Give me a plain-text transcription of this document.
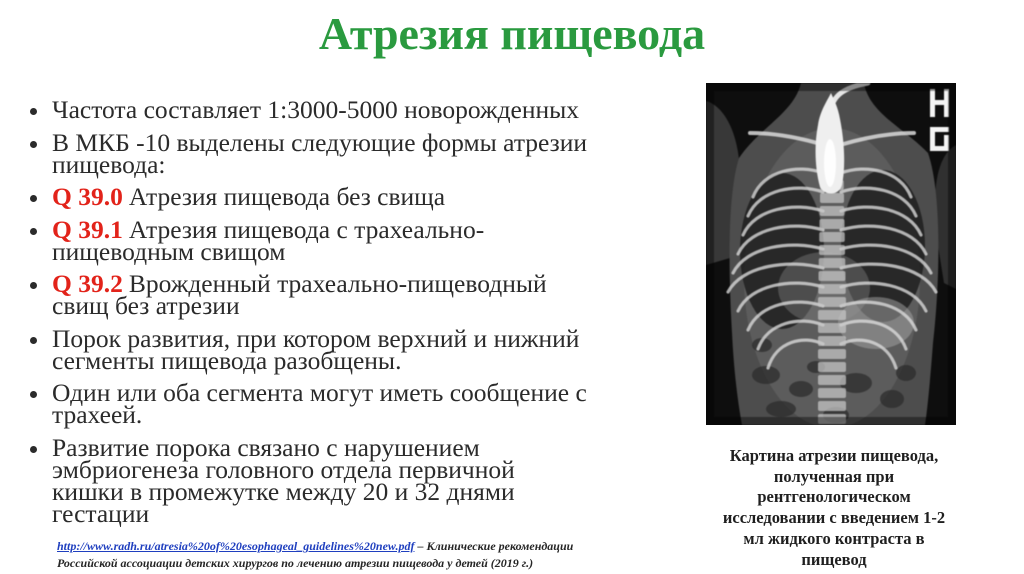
Атрезия пищевода
Частота составляет 1:3000-5000 новорожденных
В МКБ -10 выделены следующие формы атрезии
пищевода:
Q 39.0 Атрезия пищевода без свища
Q 39.1 Атрезия пищевода с трахеально-
пищеводным свищом
Q 39.2 Врожденный трахеально-пищеводный
свищ без атрезии
Порок развития, при котором верхний и нижний
сегменты пищевода разобщены.
Один или оба сегмента могут иметь сообщение с
трахеей.
Развитие порока связано с нарушением
эмбриогенеза головного отдела первичной
кишки в промежутке между 20 и 32 днями
гестации
Картина атрезии пищевода,
полученная при
рентгенологическом
исследовании с введением 1-2
мл жидкого контраста в
пищевод
http://www.radh.ru/atresia%20of%20esophageal_guidelines%20new.pdf – Клинические рекомендации
Российской ассоциации детских хирургов по лечению атрезии пищевода у детей (2019 г.)
